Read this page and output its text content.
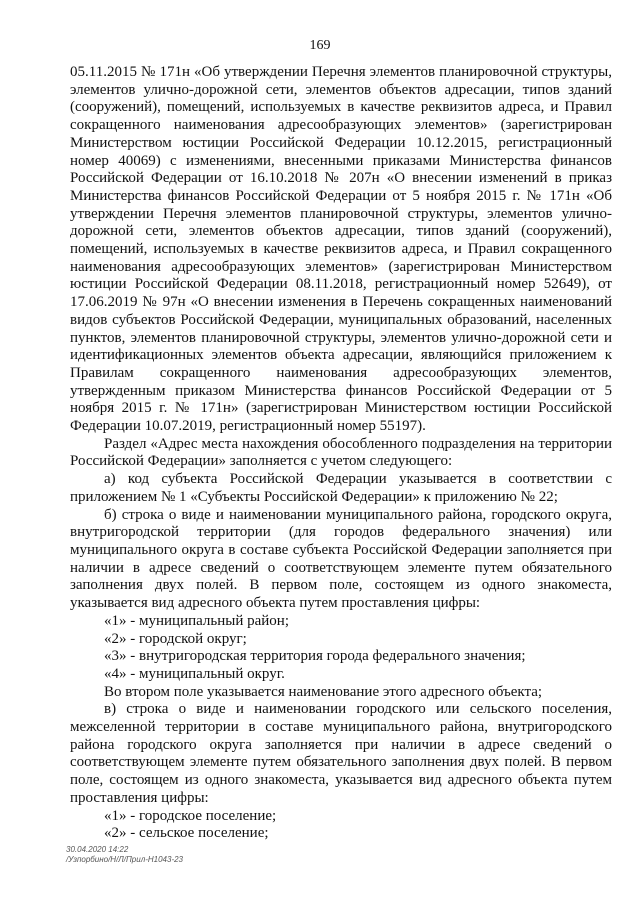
169

05.11.2015 № 171н «Об утверждении Перечня элементов планировочной структуры, элементов улично-дорожной сети, элементов объектов адресации, типов зданий (сооружений), помещений, используемых в качестве реквизитов адреса, и Правил сокращенного наименования адресообразующих элементов» (зарегистрирован Министерством юстиции Российской Федерации 10.12.2015, регистрационный номер 40069) с изменениями, внесенными приказами Министерства финансов Российской Федерации от 16.10.2018 № 207н «О внесении изменений в приказ Министерства финансов Российской Федерации от 5 ноября 2015 г. № 171н «Об утверждении Перечня элементов планировочной структуры, элементов улично-дорожной сети, элементов объектов адресации, типов зданий (сооружений), помещений, используемых в качестве реквизитов адреса, и Правил сокращенного наименования адресообразующих элементов» (зарегистрирован Министерством юстиции Российской Федерации 08.11.2018, регистрационный номер 52649), от 17.06.2019 № 97н «О внесении изменения в Перечень сокращенных наименований видов субъектов Российской Федерации, муниципальных образований, населенных пунктов, элементов планировочной структуры, элементов улично-дорожной сети и идентификационных элементов объекта адресации, являющийся приложением к Правилам сокращенного наименования адресообразующих элементов, утвержденным приказом Министерства финансов Российской Федерации от 5 ноября 2015 г. № 171н» (зарегистрирован Министерством юстиции Российской Федерации 10.07.2019, регистрационный номер 55197).

Раздел «Адрес места нахождения обособленного подразделения на территории Российской Федерации» заполняется с учетом следующего:

а) код субъекта Российской Федерации указывается в соответствии с приложением № 1 «Субъекты Российской Федерации» к приложению № 22;

б) строка о виде и наименовании муниципального района, городского округа, внутригородской территории (для городов федерального значения) или муниципального округа в составе субъекта Российской Федерации заполняется при наличии в адресе сведений о соответствующем элементе путем обязательного заполнения двух полей. В первом поле, состоящем из одного знакоместа, указывается вид адресного объекта путем проставления цифры:

«1» - муниципальный район;

«2» - городской округ;

«3» - внутригородская территория города федерального значения;

«4» - муниципальный округ.

Во втором поле указывается наименование этого адресного объекта;

в) строка о виде и наименовании городского или сельского поселения, межселенной территории в составе муниципального района, внутригородского района городского округа заполняется при наличии в адресе сведений о соответствующем элементе путем обязательного заполнения двух полей. В первом поле, состоящем из одного знакоместа, указывается вид адресного объекта путем проставления цифры:

«1» - городское поселение;

«2» - сельское поселение;

30.04.2020 14:22
/Узпорбино/Н/Л/Прил-Н1043-23
